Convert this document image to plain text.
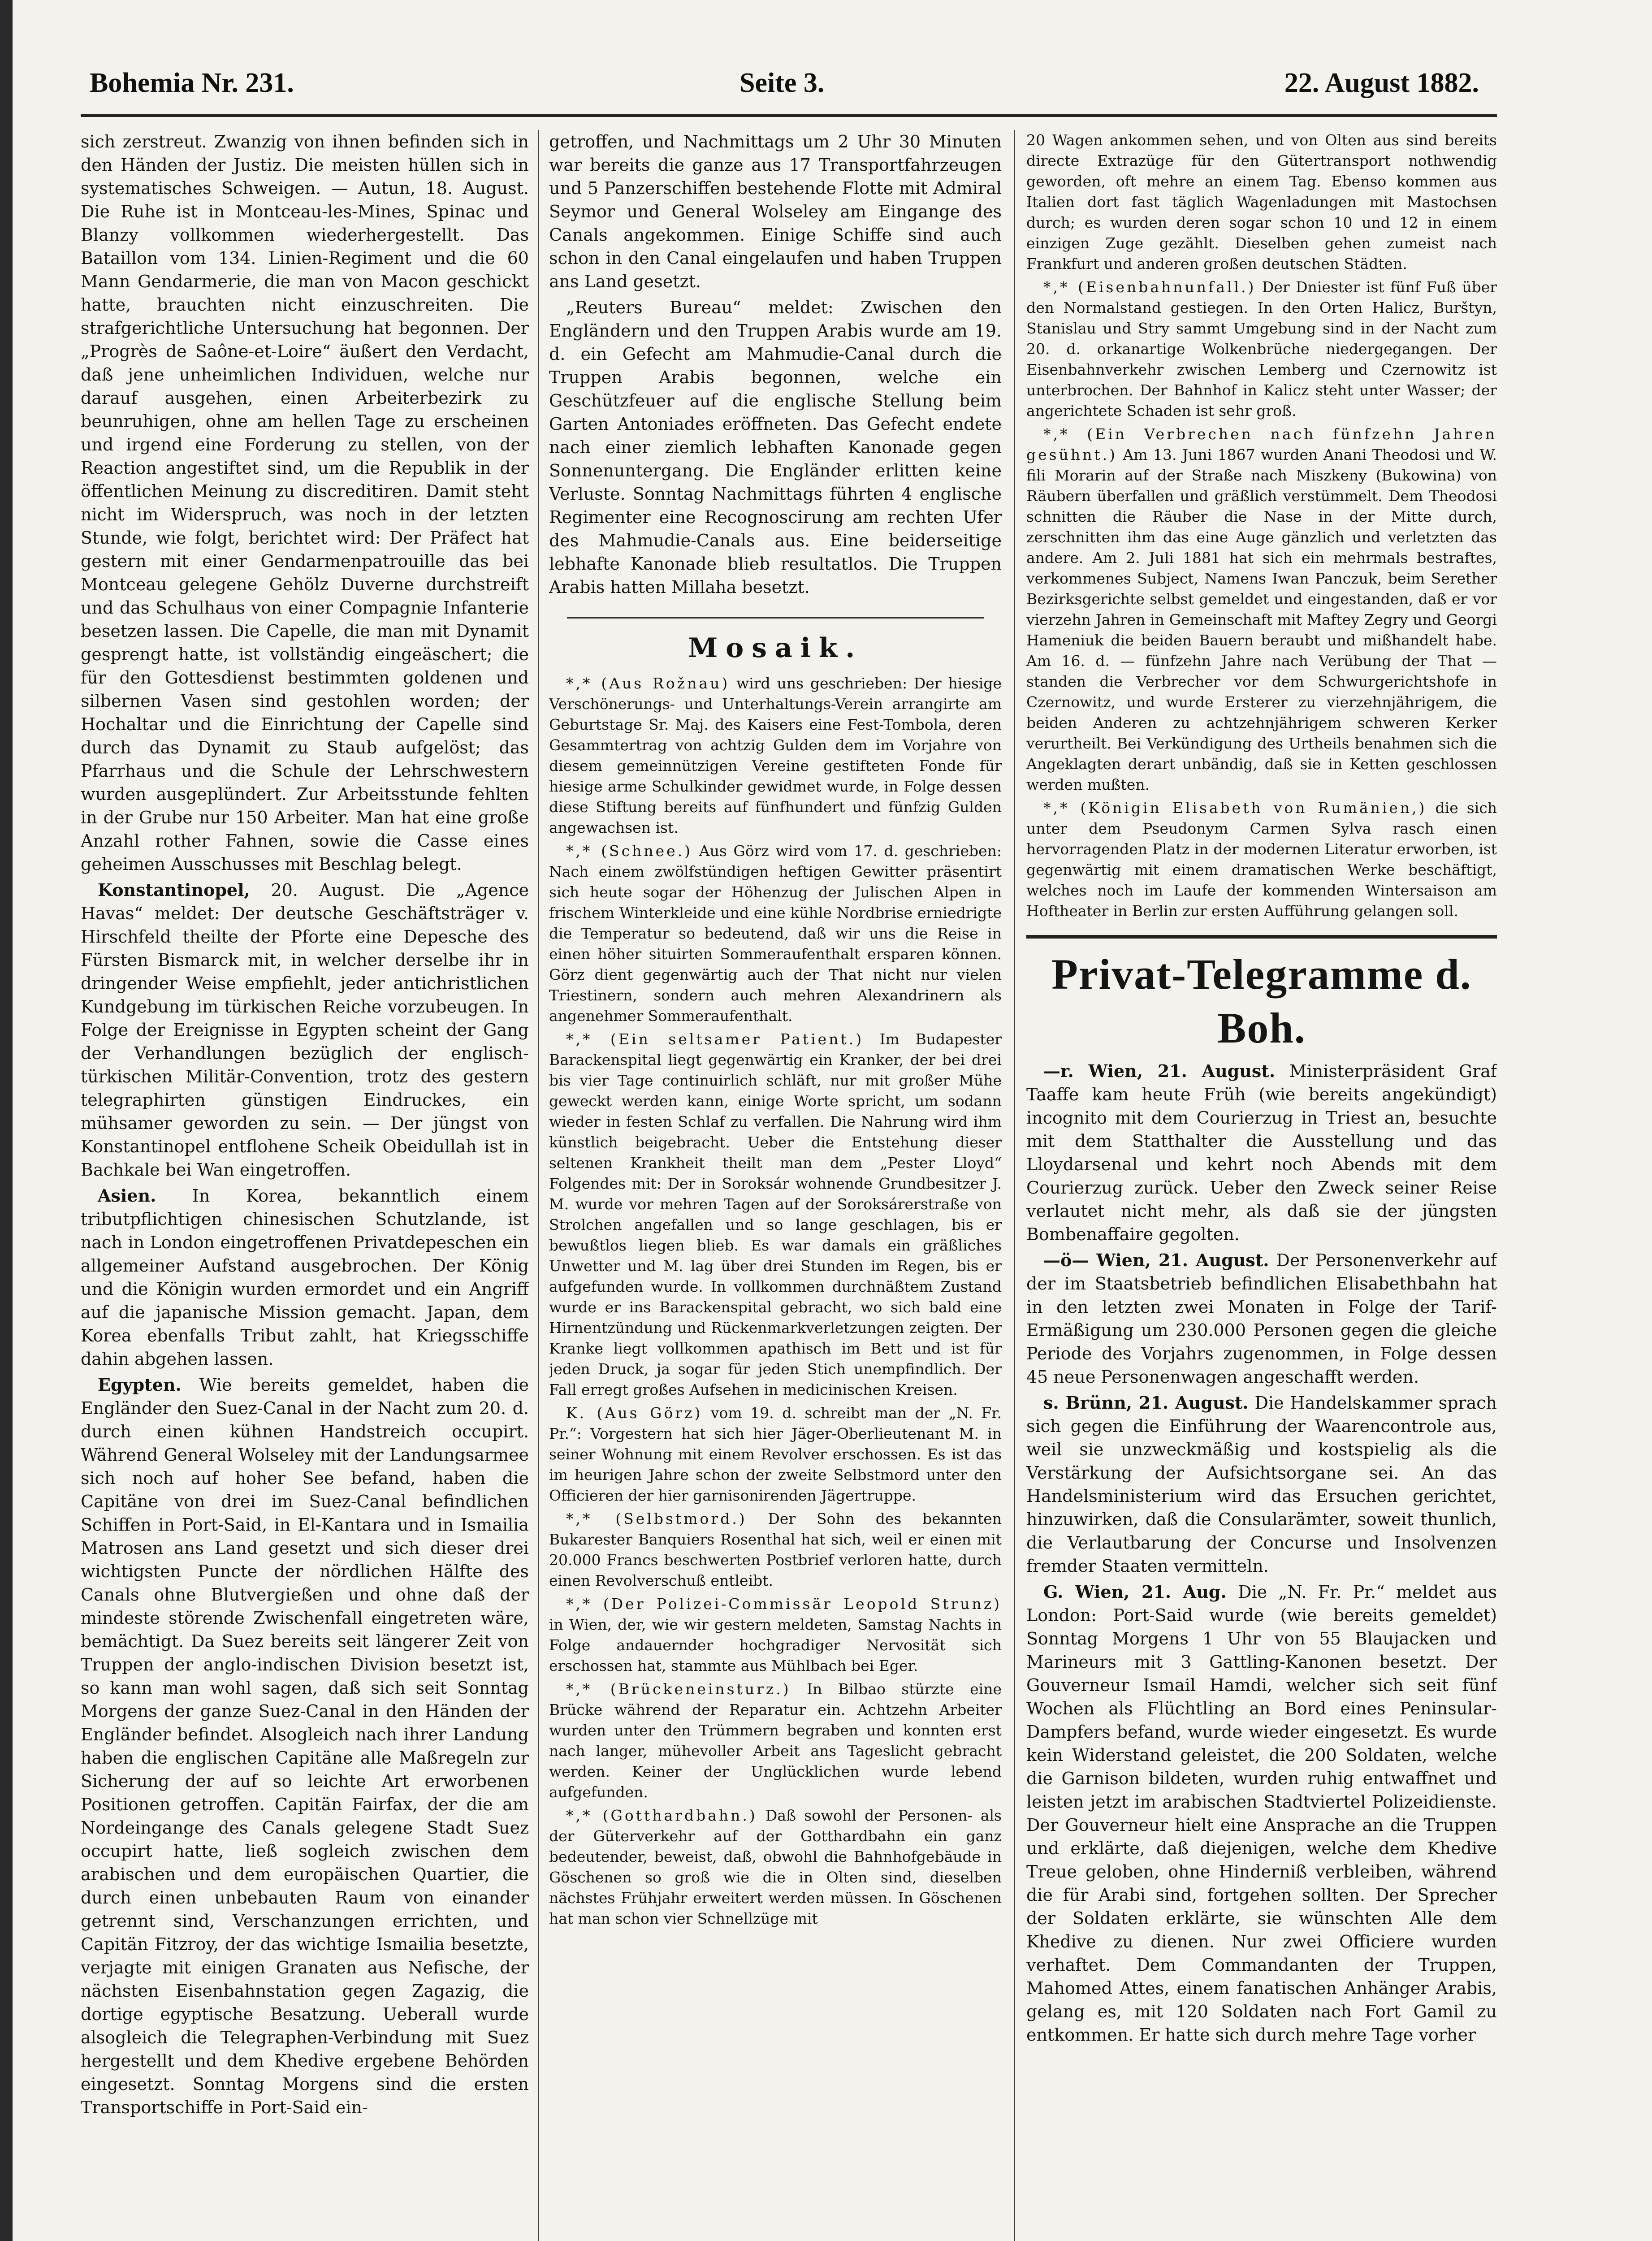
Bohemia Nr. 231.	Seite 3.	22. August 1882.

sich zerstreut. Zwanzig von ihnen befinden sich in den Händen der Justiz. Die meisten hüllen sich in systematisches Schweigen. — Autun, 18. August. Die Ruhe ist in Montceau-les-Mines, Spinac und Blanzy vollkommen wiederhergestellt. Das Bataillon vom 134. Linien-Regiment und die 60 Mann Gendarmerie, die man von Macon geschickt hatte, brauchten nicht einzuschreiten. Die strafgerichtliche Untersuchung hat begonnen. Der „Progrès de Saône-et-Loire“ äußert den Verdacht, daß jene unheimlichen Individuen, welche nur darauf ausgehen, einen Arbeiterbezirk zu beunruhigen, ohne am hellen Tage zu erscheinen und irgend eine Forderung zu stellen, von der Reaction angestiftet sind, um die Republik in der öffentlichen Meinung zu discreditiren. Damit steht nicht im Widerspruch, was noch in der letzten Stunde, wie folgt, berichtet wird: Der Präfect hat gestern mit einer Gendarmenpatrouille das bei Montceau gelegene Gehölz Duverne durchstreift und das Schulhaus von einer Compagnie Infanterie besetzen lassen. Die Capelle, die man mit Dynamit gesprengt hatte, ist vollständig eingeäschert; die für den Gottesdienst bestimmten goldenen und silbernen Vasen sind gestohlen worden; der Hochaltar und die Einrichtung der Capelle sind durch das Dynamit zu Staub aufgelöst; das Pfarrhaus und die Schule der Lehrschwestern wurden ausgeplündert. Zur Arbeitsstunde fehlten in der Grube nur 150 Arbeiter. Man hat eine große Anzahl rother Fahnen, sowie die Casse eines geheimen Ausschusses mit Beschlag belegt.

Konstantinopel, 20. August. Die „Agence Havas“ meldet: Der deutsche Geschäftsträger v. Hirschfeld theilte der Pforte eine Depesche des Fürsten Bismarck mit, in welcher derselbe ihr in dringender Weise empfiehlt, jeder antichristlichen Kundgebung im türkischen Reiche vorzubeugen. In Folge der Ereignisse in Egypten scheint der Gang der Verhandlungen bezüglich der englisch-türkischen Militär-Convention, trotz des gestern telegraphirten günstigen Eindruckes, ein mühsamer geworden zu sein. — Der jüngst von Konstantinopel entflohene Scheik Obeidullah ist in Bachkale bei Wan eingetroffen.

Asien. In Korea, bekanntlich einem tributpflichtigen chinesischen Schutzlande, ist nach in London eingetroffenen Privatdepeschen ein allgemeiner Aufstand ausgebrochen. Der König und die Königin wurden ermordet und ein Angriff auf die japanische Mission gemacht. Japan, dem Korea ebenfalls Tribut zahlt, hat Kriegsschiffe dahin abgehen lassen.

Egypten. Wie bereits gemeldet, haben die Engländer den Suez-Canal in der Nacht zum 20. d. durch einen kühnen Handstreich occupirt. Während General Wolseley mit der Landungsarmee sich noch auf hoher See befand, haben die Capitäne von drei im Suez-Canal befindlichen Schiffen in Port-Said, in El-Kantara und in Ismailia Matrosen ans Land gesetzt und sich dieser drei wichtigsten Puncte der nördlichen Hälfte des Canals ohne Blutvergießen und ohne daß der mindeste störende Zwischenfall eingetreten wäre, bemächtigt. Da Suez bereits seit längerer Zeit von Truppen der anglo-indischen Division besetzt ist, so kann man wohl sagen, daß sich seit Sonntag Morgens der ganze Suez-Canal in den Händen der Engländer befindet. Alsogleich nach ihrer Landung haben die englischen Capitäne alle Maßregeln zur Sicherung der auf so leichte Art erworbenen Positionen getroffen. Capitän Fairfax, der die am Nordeingange des Canals gelegene Stadt Suez occupirt hatte, ließ sogleich zwischen dem arabischen und dem europäischen Quartier, die durch einen unbebauten Raum von einander getrennt sind, Verschanzungen errichten, und Capitän Fitzroy, der das wichtige Ismailia besetzte, verjagte mit einigen Granaten aus Nefische, der nächsten Eisenbahnstation gegen Zagazig, die dortige egyptische Besatzung. Ueberall wurde alsogleich die Telegraphen-Verbindung mit Suez hergestellt und dem Khedive ergebene Behörden eingesetzt. Sonntag Morgens sind die ersten Transportschiffe in Port-Said ein-

getroffen, und Nachmittags um 2 Uhr 30 Minuten war bereits die ganze aus 17 Transportfahrzeugen und 5 Panzerschiffen bestehende Flotte mit Admiral Seymor und General Wolseley am Eingange des Canals angekommen. Einige Schiffe sind auch schon in den Canal eingelaufen und haben Truppen ans Land gesetzt.

„Reuters Bureau“ meldet: Zwischen den Engländern und den Truppen Arabis wurde am 19. d. ein Gefecht am Mahmudie-Canal durch die Truppen Arabis begonnen, welche ein Geschützfeuer auf die englische Stellung beim Garten Antoniades eröffneten. Das Gefecht endete nach einer ziemlich lebhaften Kanonade gegen Sonnenuntergang. Die Engländer erlitten keine Verluste. Sonntag Nachmittags führten 4 englische Regimenter eine Recognoscirung am rechten Ufer des Mahmudie-Canals aus. Eine beiderseitige lebhafte Kanonade blieb resultatlos. Die Truppen Arabis hatten Millaha besetzt.

Mosaik.

*,* (Aus Rožnau) wird uns geschrieben: Der hiesige Verschönerungs- und Unterhaltungs-Verein arrangirte am Geburtstage Sr. Maj. des Kaisers eine Fest-Tombola, deren Gesammtertrag von achtzig Gulden dem im Vorjahre von diesem gemeinnützigen Vereine gestifteten Fonde für hiesige arme Schulkinder gewidmet wurde, in Folge dessen diese Stiftung bereits auf fünfhundert und fünfzig Gulden angewachsen ist.

*,* (Schnee.) Aus Görz wird vom 17. d. geschrieben: Nach einem zwölfstündigen heftigen Gewitter präsentirt sich heute sogar der Höhenzug der Julischen Alpen in frischem Winterkleide und eine kühle Nordbrise erniedrigte die Temperatur so bedeutend, daß wir uns die Reise in einen höher situirten Sommeraufenthalt ersparen können. Görz dient gegenwärtig auch der That nicht nur vielen Triestinern, sondern auch mehren Alexandrinern als angenehmer Sommeraufenthalt.

*,* (Ein seltsamer Patient.) Im Budapester Barackenspital liegt gegenwärtig ein Kranker, der bei drei bis vier Tage continuirlich schläft, nur mit großer Mühe geweckt werden kann, einige Worte spricht, um sodann wieder in festen Schlaf zu verfallen. Die Nahrung wird ihm künstlich beigebracht. Ueber die Entstehung dieser seltenen Krankheit theilt man dem „Pester Lloyd“ Folgendes mit: Der in Soroksár wohnende Grundbesitzer J. M. wurde vor mehren Tagen auf der Soroksárerstraße von Strolchen angefallen und so lange geschlagen, bis er bewußtlos liegen blieb. Es war damals ein gräßliches Unwetter und M. lag über drei Stunden im Regen, bis er aufgefunden wurde. In vollkommen durchnäßtem Zustand wurde er ins Barackenspital gebracht, wo sich bald eine Hirnentzündung und Rückenmarkverletzungen zeigten. Der Kranke liegt vollkommen apathisch im Bett und ist für jeden Druck, ja sogar für jeden Stich unempfindlich. Der Fall erregt großes Aufsehen in medicinischen Kreisen.

K. (Aus Görz) vom 19. d. schreibt man der „N. Fr. Pr.“: Vorgestern hat sich hier Jäger-Oberlieutenant M. in seiner Wohnung mit einem Revolver erschossen. Es ist das im heurigen Jahre schon der zweite Selbstmord unter den Officieren der hier garnisonirenden Jägertruppe.

*,* (Selbstmord.) Der Sohn des bekannten Bukarester Banquiers Rosenthal hat sich, weil er einen mit 20.000 Francs beschwerten Postbrief verloren hatte, durch einen Revolverschuß entleibt.

*,* (Der Polizei-Commissär Leopold Strunz) in Wien, der, wie wir gestern meldeten, Samstag Nachts in Folge andauernder hochgradiger Nervosität sich erschossen hat, stammte aus Mühlbach bei Eger.

*,* (Brückeneinsturz.) In Bilbao stürzte eine Brücke während der Reparatur ein. Achtzehn Arbeiter wurden unter den Trümmern begraben und konnten erst nach langer, mühevoller Arbeit ans Tageslicht gebracht werden. Keiner der Unglücklichen wurde lebend aufgefunden.

*,* (Gotthardbahn.) Daß sowohl der Personen- als der Güterverkehr auf der Gotthardbahn ein ganz bedeutender, beweist, daß, obwohl die Bahnhofgebäude in Göschenen so groß wie die in Olten sind, dieselben nächstes Frühjahr erweitert werden müssen. In Göschenen hat man schon vier Schnellzüge mit

20 Wagen ankommen sehen, und von Olten aus sind bereits directe Extrazüge für den Gütertransport nothwendig geworden, oft mehre an einem Tag. Ebenso kommen aus Italien dort fast täglich Wagenladungen mit Mastochsen durch; es wurden deren sogar schon 10 und 12 in einem einzigen Zuge gezählt. Dieselben gehen zumeist nach Frankfurt und anderen großen deutschen Städten.

*,* (Eisenbahnunfall.) Der Dniester ist fünf Fuß über den Normalstand gestiegen. In den Orten Halicz, Burštyn, Stanislau und Stry sammt Umgebung sind in der Nacht zum 20. d. orkanartige Wolkenbrüche niedergegangen. Der Eisenbahnverkehr zwischen Lemberg und Czernowitz ist unterbrochen. Der Bahnhof in Kalicz steht unter Wasser; der angerichtete Schaden ist sehr groß.

*,* (Ein Verbrechen nach fünfzehn Jahren gesühnt.) Am 13. Juni 1867 wurden Anani Theodosi und W. fili Morarin auf der Straße nach Miszkeny (Bukowina) von Räubern überfallen und gräßlich verstümmelt. Dem Theodosi schnitten die Räuber die Nase in der Mitte durch, zerschnitten ihm das eine Auge gänzlich und verletzten das andere. Am 2. Juli 1881 hat sich ein mehrmals bestraftes, verkommenes Subject, Namens Iwan Panczuk, beim Serether Bezirksgerichte selbst gemeldet und eingestanden, daß er vor vierzehn Jahren in Gemeinschaft mit Maftey Zegry und Georgi Hameniuk die beiden Bauern beraubt und mißhandelt habe. Am 16. d. — fünfzehn Jahre nach Verübung der That — standen die Verbrecher vor dem Schwurgerichtshofe in Czernowitz, und wurde Ersterer zu vierzehnjährigem, die beiden Anderen zu achtzehnjährigem schweren Kerker verurtheilt. Bei Verkündigung des Urtheils benahmen sich die Angeklagten derart unbändig, daß sie in Ketten geschlossen werden mußten.

*,* (Königin Elisabeth von Rumänien,) die sich unter dem Pseudonym Carmen Sylva rasch einen hervorragenden Platz in der modernen Literatur erworben, ist gegenwärtig mit einem dramatischen Werke beschäftigt, welches noch im Laufe der kommenden Wintersaison am Hoftheater in Berlin zur ersten Aufführung gelangen soll.

Privat-Telegramme d. Boh.

—r. Wien, 21. August. Ministerpräsident Graf Taaffe kam heute Früh (wie bereits angekündigt) incognito mit dem Courierzug in Triest an, besuchte mit dem Statthalter die Ausstellung und das Lloydarsenal und kehrt noch Abends mit dem Courierzug zurück. Ueber den Zweck seiner Reise verlautet nicht mehr, als daß sie der jüngsten Bombenaffaire gegolten.

—ö— Wien, 21. August. Der Personenverkehr auf der im Staatsbetrieb befindlichen Elisabethbahn hat in den letzten zwei Monaten in Folge der Tarif-Ermäßigung um 230.000 Personen gegen die gleiche Periode des Vorjahrs zugenommen, in Folge dessen 45 neue Personenwagen angeschafft werden.

s. Brünn, 21. August. Die Handelskammer sprach sich gegen die Einführung der Waarencontrole aus, weil sie unzweckmäßig und kostspielig als die Verstärkung der Aufsichtsorgane sei. An das Handelsministerium wird das Ersuchen gerichtet, hinzuwirken, daß die Consularämter, soweit thunlich, die Verlautbarung der Concurse und Insolvenzen fremder Staaten vermitteln.

G. Wien, 21. Aug. Die „N. Fr. Pr.“ meldet aus London: Port-Said wurde (wie bereits gemeldet) Sonntag Morgens 1 Uhr von 55 Blaujacken und Marineurs mit 3 Gattling-Kanonen besetzt. Der Gouverneur Ismail Hamdi, welcher sich seit fünf Wochen als Flüchtling an Bord eines Peninsular-Dampfers befand, wurde wieder eingesetzt. Es wurde kein Widerstand geleistet, die 200 Soldaten, welche die Garnison bildeten, wurden ruhig entwaffnet und leisten jetzt im arabischen Stadtviertel Polizeidienste. Der Gouverneur hielt eine Ansprache an die Truppen und erklärte, daß diejenigen, welche dem Khedive Treue geloben, ohne Hinderniß verbleiben, während die für Arabi sind, fortgehen sollten. Der Sprecher der Soldaten erklärte, sie wünschten Alle dem Khedive zu dienen. Nur zwei Officiere wurden verhaftet. Dem Commandanten der Truppen, Mahomed Attes, einem fanatischen Anhänger Arabis, gelang es, mit 120 Soldaten nach Fort Gamil zu entkommen. Er hatte sich durch mehre Tage vorher
